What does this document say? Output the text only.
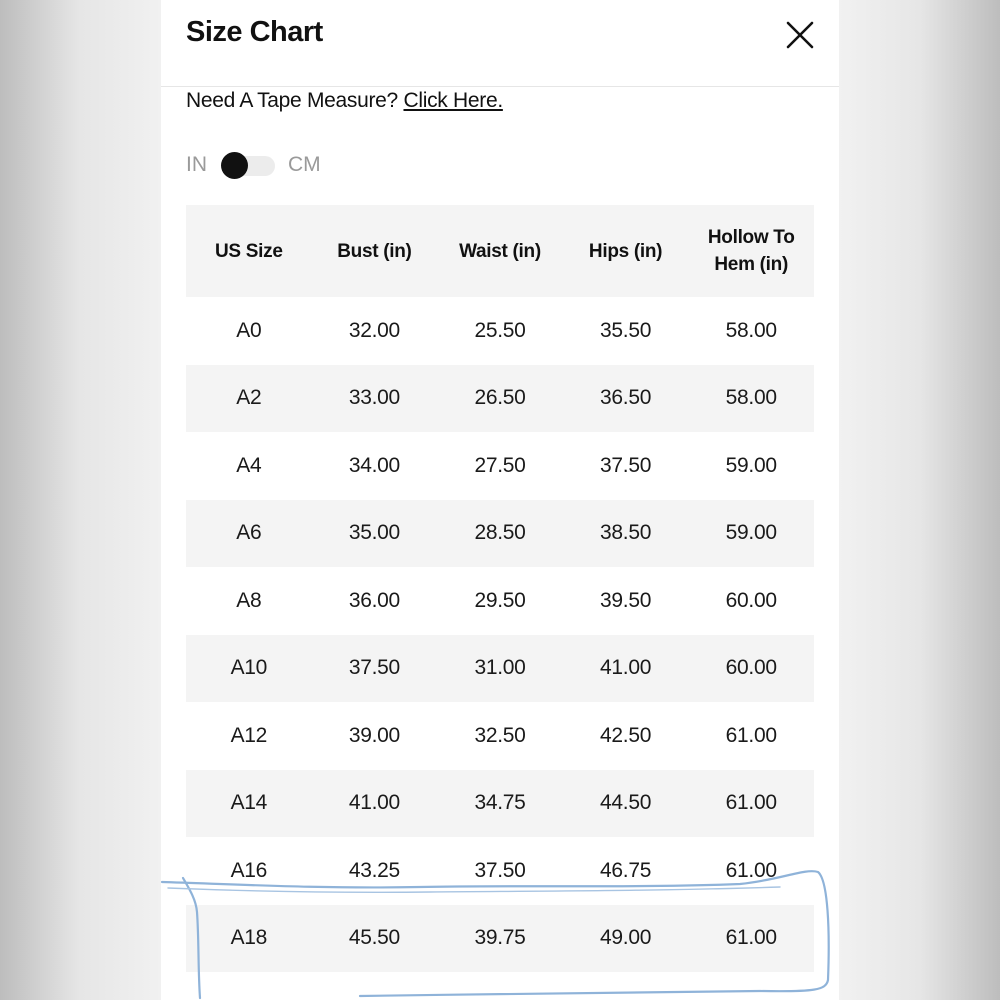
Size Chart
Need A Tape Measure? Click Here.
IN	CM
US Size	Bust (in)	Waist (in)	Hips (in)	Hollow To Hem (in)
A0	32.00	25.50	35.50	58.00
A2	33.00	26.50	36.50	58.00
A4	34.00	27.50	37.50	59.00
A6	35.00	28.50	38.50	59.00
A8	36.00	29.50	39.50	60.00
A10	37.50	31.00	41.00	60.00
A12	39.00	32.50	42.50	61.00
A14	41.00	34.75	44.50	61.00
A16	43.25	37.50	46.75	61.00
A18	45.50	39.75	49.00	61.00
